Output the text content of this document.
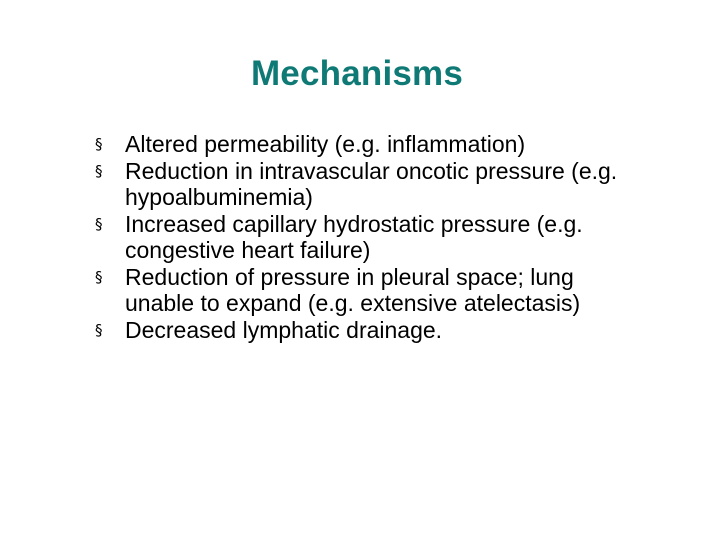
Mechanisms
§ Altered permeability (e.g. inflammation)
§ Reduction in intravascular oncotic pressure (e.g.
hypoalbuminemia)
§ Increased capillary hydrostatic pressure (e.g.
congestive heart failure)
§ Reduction of pressure in pleural space; lung
unable to expand (e.g. extensive atelectasis)
§ Decreased lymphatic drainage.
